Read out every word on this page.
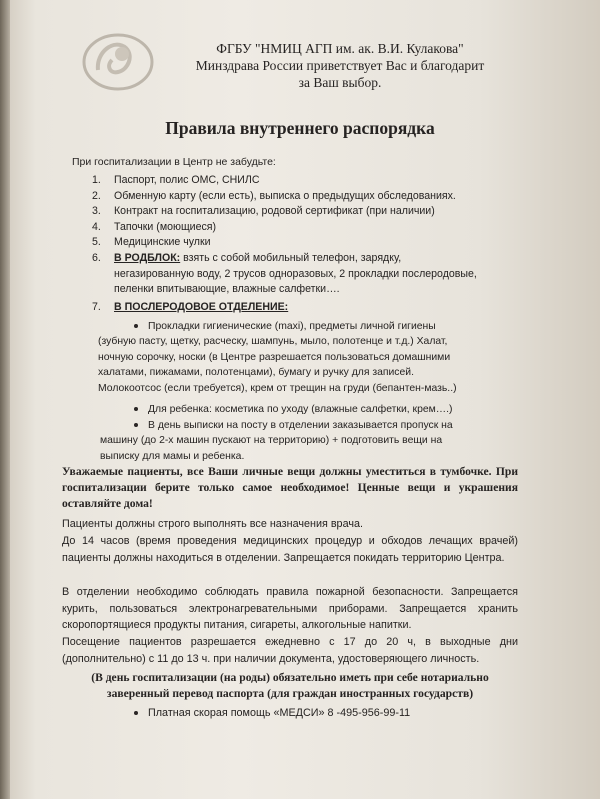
ФГБУ "НМИЦ АГП им. ак. В.И. Кулакова"
Минздрава России приветствует Вас и благодарит
за Ваш выбор.
Правила внутреннего распорядка
При госпитализации в Центр не забудьте:
1.	Паспорт, полис ОМС, СНИЛС
2.	Обменную карту (если есть), выписка о предыдущих обследованиях.
3.	Контракт на госпитализацию, родовой сертификат (при наличии)
4.	Тапочки (моющиеся)
5.	Медицинские чулки
6.	В РОДБЛОК: взять с собой мобильный телефон, зарядку,
негазированную воду, 2 трусов одноразовых, 2 прокладки послеродовые,
пеленки впитывающие, влажные салфетки….
7.	В ПОСЛЕРОДОВОЕ ОТДЕЛЕНИЕ:
Прокладки гигиенические (maxi), предметы личной гигиены
(зубную пасту, щетку, расческу, шампунь, мыло, полотенце и т.д.) Халат,
ночную сорочку, носки (в Центре разрешается пользоваться домашними
халатами, пижамами, полотенцами), бумагу и ручку для записей.
Молокоотсос (если требуется), крем от трещин на груди (бепантен-мазь..)
Для ребенка: косметика по уходу (влажные салфетки, крем….)
В день выписки на посту в отделении заказывается пропуск на
машину (до 2-х машин пускают на территорию) + подготовить вещи на
выписку для мамы и ребенка.
Уважаемые пациенты, все Ваши личные вещи должны уместиться в тумбочке. При госпитализации берите только самое необходимое! Ценные вещи и украшения оставляйте дома!
Пациенты должны строго выполнять все назначения врача.
До 14 часов (время проведения медицинских процедур и обходов лечащих врачей) пациенты должны находиться в отделении. Запрещается покидать территорию Центра.
В отделении необходимо соблюдать правила пожарной безопасности. Запрещается курить, пользоваться электронагревательными приборами. Запрещается хранить скоропортящиеся продукты питания, сигареты, алкогольные напитки.
Посещение пациентов разрешается ежедневно с 17 до 20 ч, в выходные дни (дополнительно) с 11 до 13 ч. при наличии документа, удостоверяющего личность.
(В день госпитализации (на роды) обязательно иметь при себе нотариально заверенный перевод паспорта (для граждан иностранных государств)
Платная скорая помощь «МЕДСИ» 8 -495-956-99-11
